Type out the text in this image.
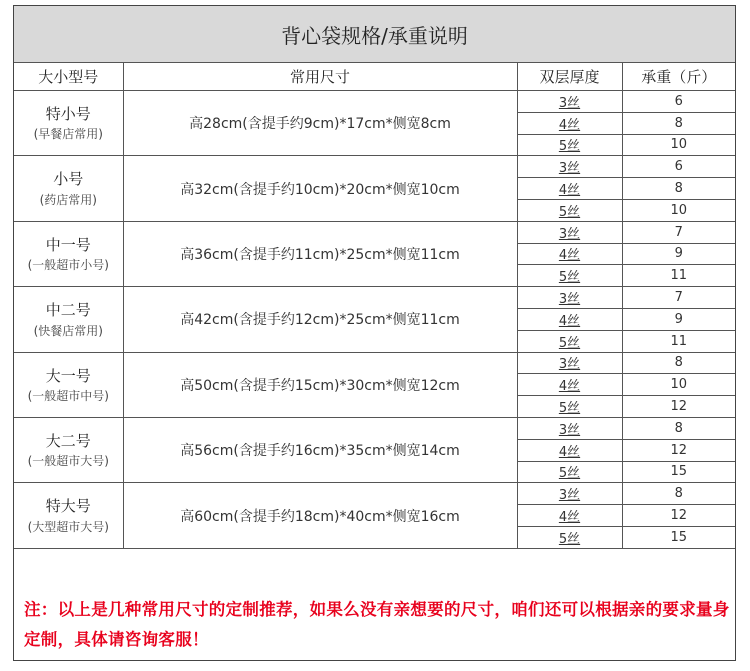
背心袋规格/承重说明
大小型号	常用尺寸	双层厚度	承重（斤）

特小号
(早餐店常用)	高28cm(含提手约9cm)*17cm*侧宽8cm	3丝	6
		4丝	8
		5丝	10

小号
(药店常用)	高32cm(含提手约10cm)*20cm*侧宽10cm	3丝	6
		4丝	8
		5丝	10

中一号
(一般超市小号)	高36cm(含提手约11cm)*25cm*侧宽11cm	3丝	7
		4丝	9
		5丝	11

中二号
(快餐店常用)	高42cm(含提手约12cm)*25cm*侧宽11cm	3丝	7
		4丝	9
		5丝	11

大一号
(一般超市中号)	高50cm(含提手约15cm)*30cm*侧宽12cm	3丝	8
		4丝	10
		5丝	12

大二号
(一般超市大号)	高56cm(含提手约16cm)*35cm*侧宽14cm	3丝	8
		4丝	12
		5丝	15

特大号
(大型超市大号)	高60cm(含提手约18cm)*40cm*侧宽16cm	3丝	8
		4丝	12
		5丝	15
注：以上是几种常用尺寸的定制推荐，如果么没有亲想要的尺寸，咱们还可以根据亲的要求量身定制，具体请咨询客服！
